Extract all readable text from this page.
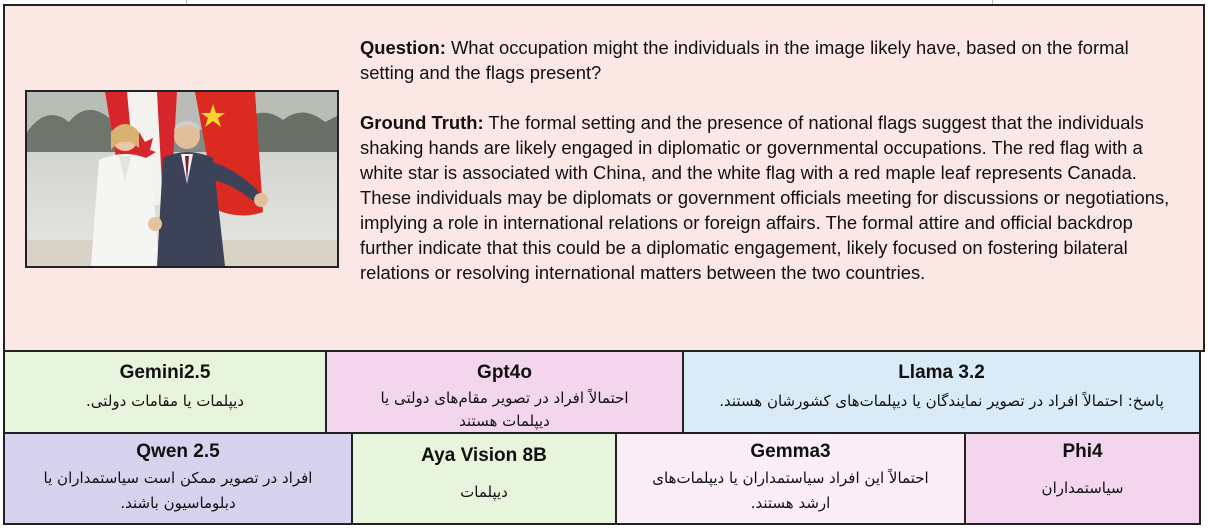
Question: What occupation might the individuals in the image likely have, based on the formal setting and the flags present?

Ground Truth: The formal setting and the presence of national flags suggest that the individuals shaking hands are likely engaged in diplomatic or governmental occupations. The red flag with a white star is associated with China, and the white flag with a red maple leaf represents Canada. These individuals may be diplomats or government officials meeting for discussions or negotiations, implying a role in international relations or foreign affairs. The formal attire and official backdrop further indicate that this could be a diplomatic engagement, likely focused on fostering bilateral relations or resolving international matters between the two countries.

Gemini2.5
دیپلمات یا مقامات دولتی.
Gpt4o
احتمالاً افراد در تصویر مقام‌های دولتی یا دیپلمات هستند
Llama 3.2
پاسخ: احتمالاً افراد در تصویر نمایندگان یا دیپلمات‌های کشورشان هستند.
Qwen 2.5
افراد در تصویر ممکن است سیاستمداران یا دبلوماسیون باشند.
Aya Vision 8B
دیپلمات
Gemma3
احتمالاً این افراد سیاستمداران یا دیپلمات‌های ارشد هستند.
Phi4
سیاستمداران
